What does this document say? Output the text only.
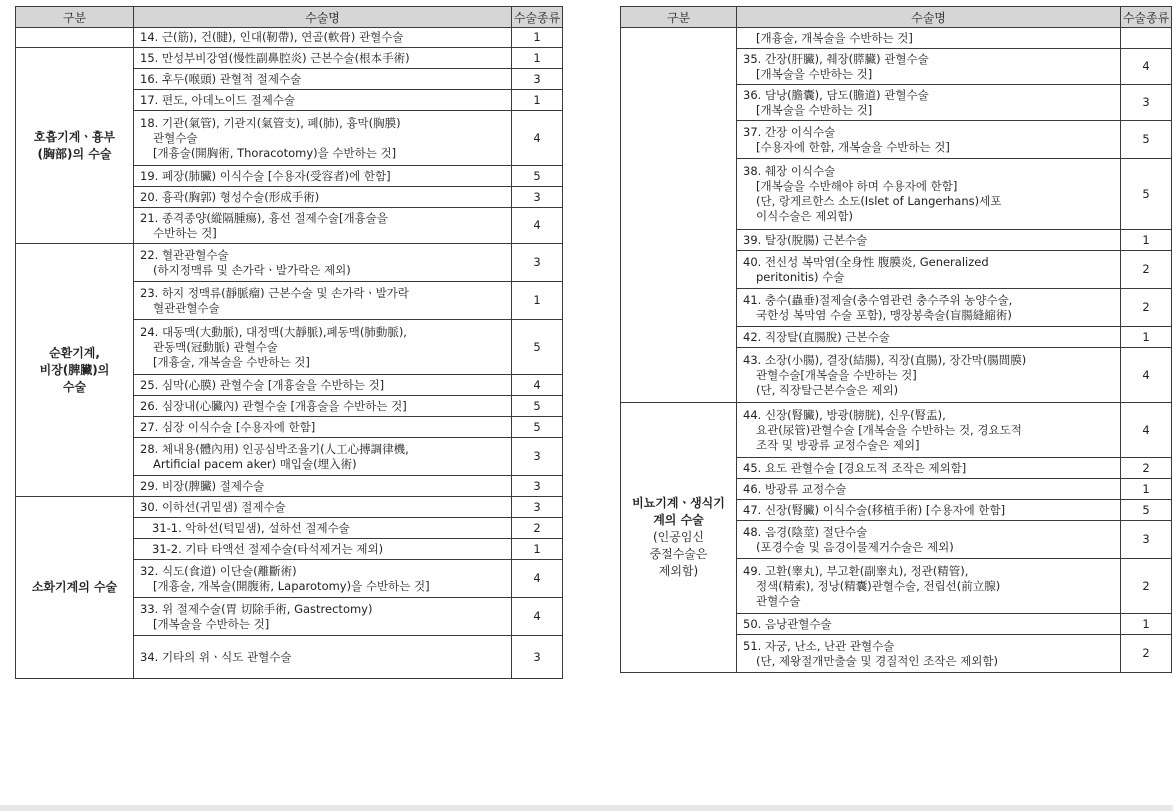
구분	수술명	수술종류

	14. 근(筋), 건(腱), 인대(靭帶), 연골(軟骨) 관혈수술	1

호흡기계ㆍ흉부
(胸部)의 수술	15. 만성부비강염(慢性副鼻腔炎) 근본수술(根本手術)	1

	16. 후두(喉頭) 관혈적 절제수술	3

	17. 편도, 아데노이드 절제수술	1

	18. 기관(氣管), 기관지(氣管支), 폐(肺), 흉막(胸膜)
관혈수술
[개흉술(開胸術, Thoracotomy)을 수반하는 것]	4

	19. 폐장(肺臟) 이식수술 [수용자(受容者)에 한함]	5

	20. 흉곽(胸郭) 형성수술(形成手術)	3

	21. 종격종양(縱隔腫瘍), 흉선 절제수술[개흉술을
수반하는 것]	4

순환기계,
비장(脾臟)의
수술	22. 혈관관혈수술
(하지정맥류 및 손가락ㆍ발가락은 제외)	3

	23. 하지 정맥류(靜脈瘤) 근본수술 및 손가락ㆍ발가락
혈관관혈수술	1

	24. 대동맥(大動脈), 대정맥(大靜脈),폐동맥(肺動脈),
관동맥(冠動脈) 관혈수술
[개흉술, 개복술을 수반하는 것]	5

	25. 심막(心膜) 관혈수술 [개흉술을 수반하는 것]	4

	26. 심장내(心臟內) 관혈수술 [개흉술을 수반하는 것]	5

	27. 심장 이식수술 [수용자에 한함]	5

	28. 체내용(體內用) 인공심박조율기(人工心搏調律機,
Artificial pacem aker) 매입술(埋入術)	3

	29. 비장(脾臟) 절제수술	3

소화기계의 수술	30. 이하선(귀밑샘) 절제수술	3

	31-1. 악하선(턱밑샘), 설하선 절제수술	2

	31-2. 기타 타액선 절제수술(타석제거는 제외)	1

	32. 식도(食道) 이단술(離斷術)
[개흉술, 개복술(開腹術, Laparotomy)을 수반하는 것]	4

	33. 위 절제수술(胃 切除手術, Gastrectomy)
[개복술을 수반하는 것]	4

	34. 기타의 위ㆍ식도 관혈수술	3
구분	수술명	수술종류

	[개흉술, 개복술을 수반하는 것]	

	35. 간장(肝臟), 췌장(膵臟) 관혈수술
[개복술을 수반하는 것]	4

	36. 담낭(膽囊), 담도(膽道) 관혈수술
[개복술을 수반하는 것]	3

	37. 간장 이식수술
[수용자에 한함, 개복술을 수반하는 것]	5

	38. 췌장 이식수술
[개복술을 수반해야 하며 수용자에 한함]
(단, 랑게르한스 소도(Islet of Langerhans)세포
이식수술은 제외함)	5

	39. 탈장(脫腸) 근본수술	1

	40. 전신성 복막염(全身性 腹膜炎, Generalized
peritonitis) 수술	2

	41. 충수(蟲垂)절제술(충수염관련 충수주위 농양수술,
국한성 복막염 수술 포함), 맹장봉축술(盲腸縫縮術)	2

	42. 직장탈(直腸脫) 근본수술	1

	43. 소장(小腸), 결장(結腸), 직장(直腸), 장간막(腸間膜)
관혈수술[개복술을 수반하는 것]
(단, 직장탈근본수술은 제외)	4

비뇨기계ㆍ생식기
계의 수술
(인공임신
중절수술은
제외함)	44. 신장(腎臟), 방광(膀胱), 신우(腎盂),
요관(尿管)관혈수술 [개복술을 수반하는 것, 경요도적
조작 및 방광류 교정수술은 제외]	4

	45. 요도 관혈수술 [경요도적 조작은 제외함]	2

	46. 방광류 교정수술	1

	47. 신장(腎臟) 이식수술(移植手術) [수용자에 한함]	5

	48. 음경(陰莖) 절단수술
(포경수술 및 음경이물제거수술은 제외)	3

	49. 고환(睾丸), 부고환(副睾丸), 정관(精管),
정색(精索), 정낭(精囊)관혈수술, 전립선(前立腺)
관혈수술	2

	50. 음낭관혈수술	1

	51. 자궁, 난소, 난관 관혈수술
(단, 제왕절개만출술 및 경질적인 조작은 제외함)	2
